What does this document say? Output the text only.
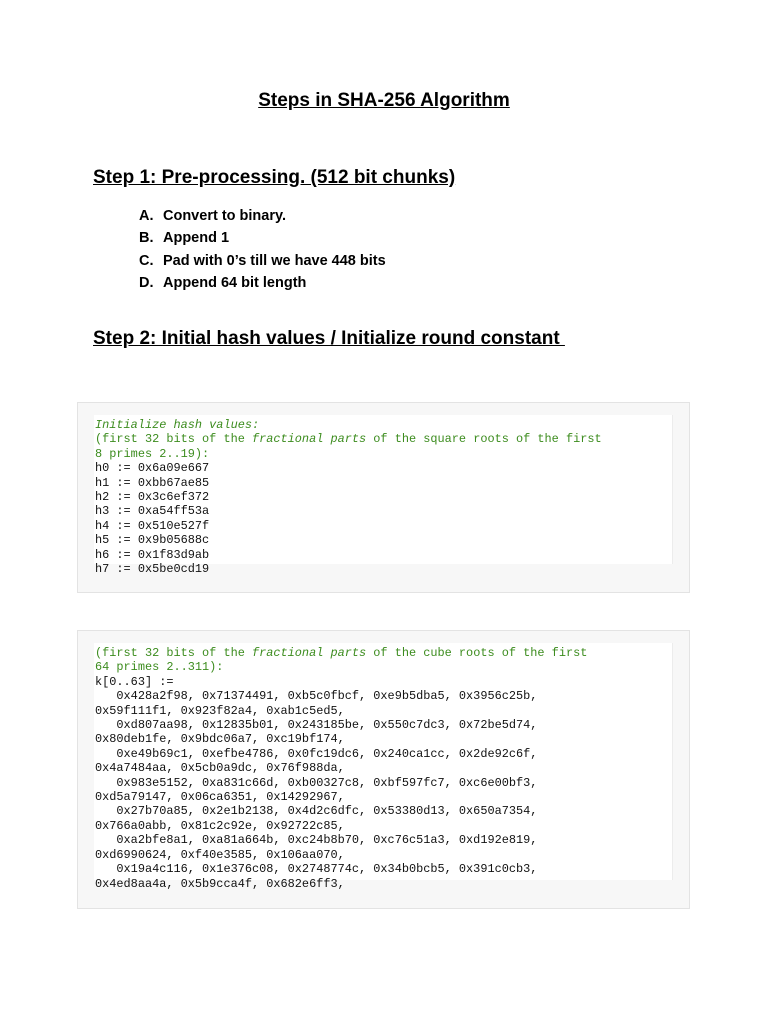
Steps in SHA-256 Algorithm
Step 1: Pre-processing. (512 bit chunks)
A. Convert to binary.
B. Append 1
C. Pad with 0’s till we have 448 bits
D. Append 64 bit length
Step 2: Initial hash values / Initialize round constant
Initialize hash values:
(first 32 bits of the fractional parts of the square roots of the first
8 primes 2..19):
h0 := 0x6a09e667
h1 := 0xbb67ae85
h2 := 0x3c6ef372
h3 := 0xa54ff53a
h4 := 0x510e527f
h5 := 0x9b05688c
h6 := 0x1f83d9ab
h7 := 0x5be0cd19
(first 32 bits of the fractional parts of the cube roots of the first
64 primes 2..311):
k[0..63] :=
0x428a2f98, 0x71374491, 0xb5c0fbcf, 0xe9b5dba5, 0x3956c25b,
0x59f111f1, 0x923f82a4, 0xab1c5ed5,
0xd807aa98, 0x12835b01, 0x243185be, 0x550c7dc3, 0x72be5d74,
0x80deb1fe, 0x9bdc06a7, 0xc19bf174,
0xe49b69c1, 0xefbe4786, 0x0fc19dc6, 0x240ca1cc, 0x2de92c6f,
0x4a7484aa, 0x5cb0a9dc, 0x76f988da,
0x983e5152, 0xa831c66d, 0xb00327c8, 0xbf597fc7, 0xc6e00bf3,
0xd5a79147, 0x06ca6351, 0x14292967,
0x27b70a85, 0x2e1b2138, 0x4d2c6dfc, 0x53380d13, 0x650a7354,
0x766a0abb, 0x81c2c92e, 0x92722c85,
0xa2bfe8a1, 0xa81a664b, 0xc24b8b70, 0xc76c51a3, 0xd192e819,
0xd6990624, 0xf40e3585, 0x106aa070,
0x19a4c116, 0x1e376c08, 0x2748774c, 0x34b0bcb5, 0x391c0cb3,
0x4ed8aa4a, 0x5b9cca4f, 0x682e6ff3,
